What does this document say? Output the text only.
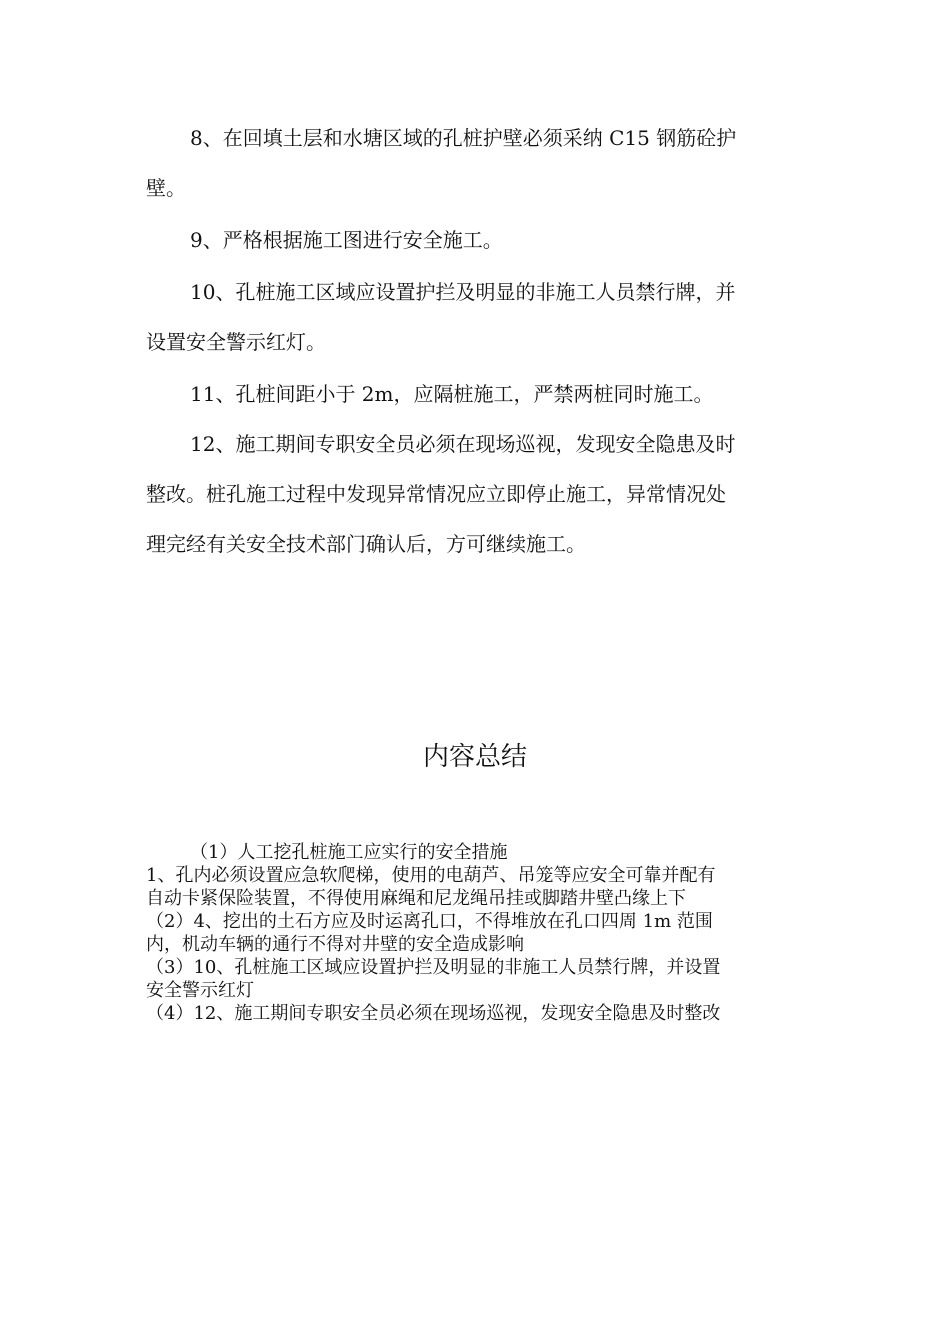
8、在回填土层和水塘区域的孔桩护壁必须采纳 C15 钢筋砼护
壁。

9、严格根据施工图进行安全施工。

10、孔桩施工区域应设置护拦及明显的非施工人员禁行牌，并
设置安全警示红灯。

11、孔桩间距小于 2m，应隔桩施工，严禁两桩同时施工。

12、施工期间专职安全员必须在现场巡视，发现安全隐患及时
整改。桩孔施工过程中发现异常情况应立即停止施工，异常情况处
理完经有关安全技术部门确认后，方可继续施工。

内容总结
（1）人工挖孔桩施工应实行的安全措施
1、孔内必须设置应急软爬梯，使用的电葫芦、吊笼等应安全可靠并配有
自动卡紧保险装置，不得使用麻绳和尼龙绳吊挂或脚踏井壁凸缘上下
（2）4、挖出的土石方应及时运离孔口，不得堆放在孔口四周 1m 范围
内，机动车辆的通行不得对井壁的安全造成影响
（3）10、孔桩施工区域应设置护拦及明显的非施工人员禁行牌，并设置
安全警示红灯
（4）12、施工期间专职安全员必须在现场巡视，发现安全隐患及时整改
